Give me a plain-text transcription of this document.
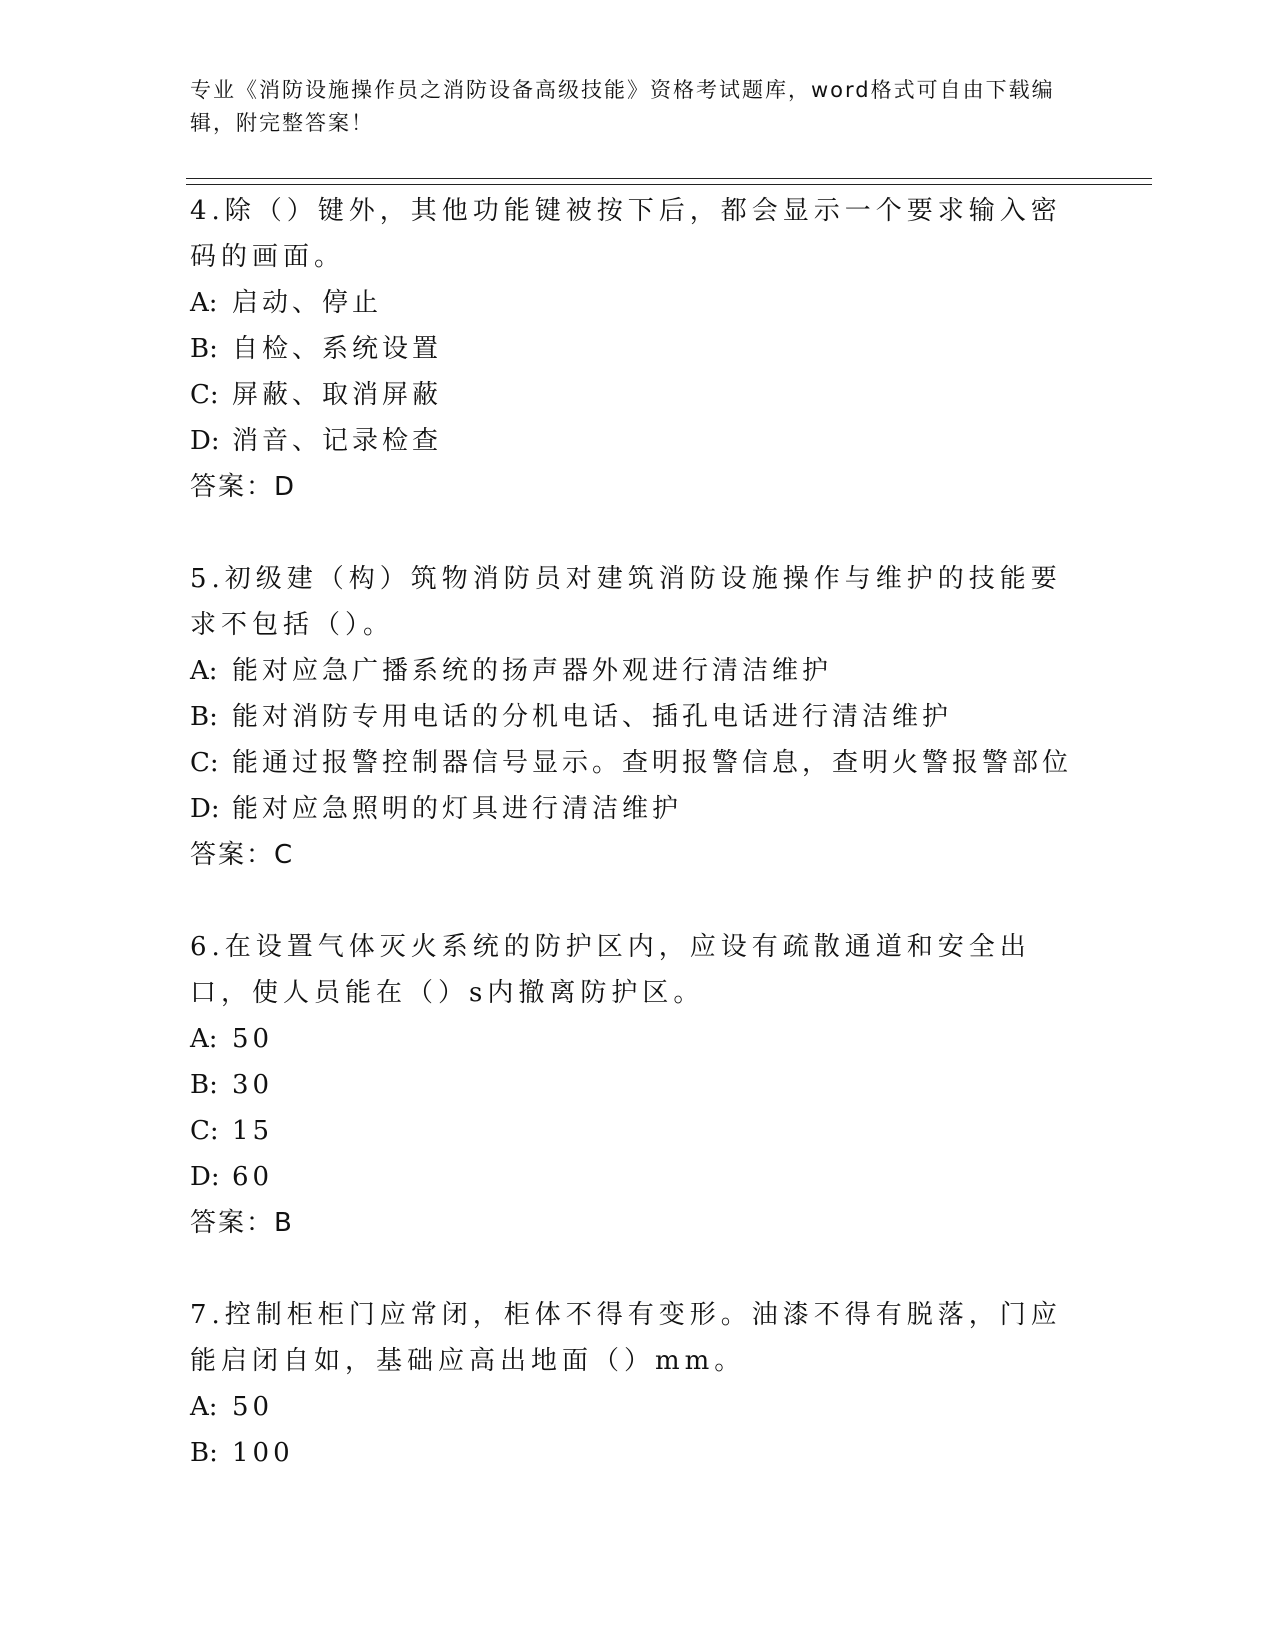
专业《消防设施操作员之消防设备高级技能》资格考试题库，word格式可自由下载编辑，附完整答案！
4.除（）键外，其他功能键被按下后，都会显示一个要求输入密码的画面。
A: 启动、停止
B: 自检、系统设置
C: 屏蔽、取消屏蔽
D: 消音、记录检查
答案：D
5.初级建（构）筑物消防员对建筑消防设施操作与维护的技能要求不包括（）。
A: 能对应急广播系统的扬声器外观进行清洁维护
B: 能对消防专用电话的分机电话、插孔电话进行清洁维护
C: 能通过报警控制器信号显示。查明报警信息，查明火警报警部位
D: 能对应急照明的灯具进行清洁维护
答案：C
6.在设置气体灭火系统的防护区内，应设有疏散通道和安全出口，使人员能在（）s内撤离防护区。
A: 50
B: 30
C: 15
D: 60
答案：B
7.控制柜柜门应常闭，柜体不得有变形。油漆不得有脱落，门应能启闭自如，基础应高出地面（）mm。
A: 50
B: 100
